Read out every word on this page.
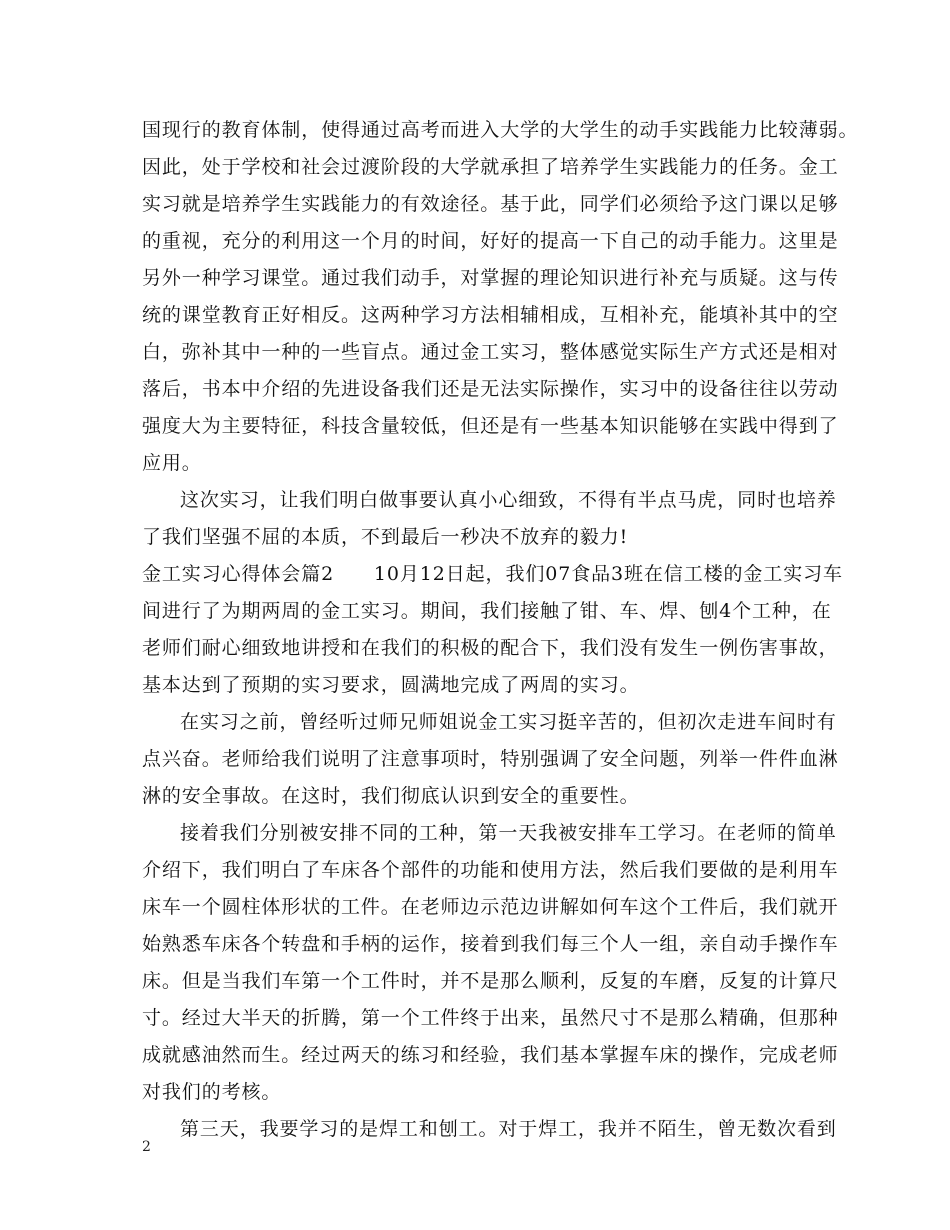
国现行的教育体制，使得通过高考而进入大学的大学生的动手实践能力比较薄弱。
因此，处于学校和社会过渡阶段的大学就承担了培养学生实践能力的任务。金工
实习就是培养学生实践能力的有效途径。基于此，同学们必须给予这门课以足够
的重视，充分的利用这一个月的时间，好好的提高一下自己的动手能力。这里是
另外一种学习课堂。通过我们动手，对掌握的理论知识进行补充与质疑。这与传
统的课堂教育正好相反。这两种学习方法相辅相成，互相补充，能填补其中的空
白，弥补其中一种的一些盲点。通过金工实习，整体感觉实际生产方式还是相对
落后，书本中介绍的先进设备我们还是无法实际操作，实习中的设备往往以劳动
强度大为主要特征，科技含量较低，但还是有一些基本知识能够在实践中得到了
应用。
这次实习，让我们明白做事要认真小心细致，不得有半点马虎，同时也培养
了我们坚强不屈的本质，不到最后一秒决不放弃的毅力!
金工实习心得体会篇2　　10月12日起，我们07食品3班在信工楼的金工实习车
间进行了为期两周的金工实习。期间，我们接触了钳、车、焊、刨4个工种，在
老师们耐心细致地讲授和在我们的积极的配合下，我们没有发生一例伤害事故，
基本达到了预期的实习要求，圆满地完成了两周的实习。
在实习之前，曾经听过师兄师姐说金工实习挺辛苦的，但初次走进车间时有
点兴奋。老师给我们说明了注意事项时，特别强调了安全问题，列举一件件血淋
淋的安全事故。在这时，我们彻底认识到安全的重要性。
接着我们分别被安排不同的工种，第一天我被安排车工学习。在老师的简单
介绍下，我们明白了车床各个部件的功能和使用方法，然后我们要做的是利用车
床车一个圆柱体形状的工件。在老师边示范边讲解如何车这个工件后，我们就开
始熟悉车床各个转盘和手柄的运作，接着到我们每三个人一组，亲自动手操作车
床。但是当我们车第一个工件时，并不是那么顺利，反复的车磨，反复的计算尺
寸。经过大半天的折腾，第一个工件终于出来，虽然尺寸不是那么精确，但那种
成就感油然而生。经过两天的练习和经验，我们基本掌握车床的操作，完成老师
对我们的考核。
第三天，我要学习的是焊工和刨工。对于焊工，我并不陌生，曾无数次看到
2
